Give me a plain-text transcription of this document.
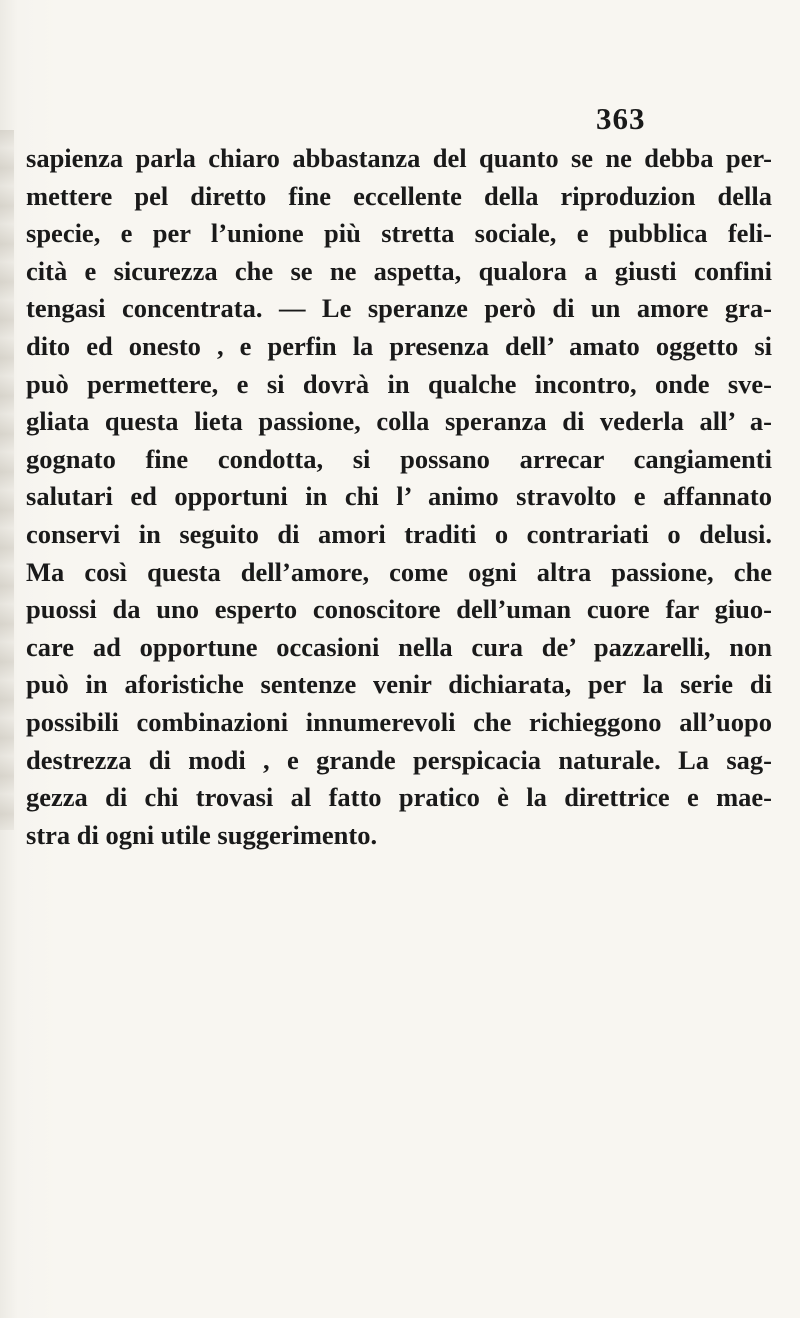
363
sapienza parla chiaro abbastanza del quanto se ne debba per-
mettere pel diretto fine eccellente della riproduzion della
specie, e per l’unione più stretta sociale, e pubblica feli-
cità e sicurezza che se ne aspetta, qualora a giusti confini
tengasi concentrata. — Le speranze però di un amore gra-
dito ed onesto , e perfin la presenza dell’ amato oggetto si
può permettere, e si dovrà in qualche incontro, onde sve-
gliata questa lieta passione, colla speranza di vederla all’ a-
gognato fine condotta, si possano arrecar cangiamenti
salutari ed opportuni in chi l’ animo stravolto e affannato
conservi in seguito di amori traditi o contrariati o delusi.
Ma così questa dell’amore, come ogni altra passione, che
puossi da uno esperto conoscitore dell’uman cuore far giuo-
care ad opportune occasioni nella cura de’ pazzarelli, non
può in aforistiche sentenze venir dichiarata, per la serie di
possibili combinazioni innumerevoli che richieggono all’uopo
destrezza di modi , e grande perspicacia naturale. La sag-
gezza di chi trovasi al fatto pratico è la direttrice e mae-
stra di ogni utile suggerimento.
